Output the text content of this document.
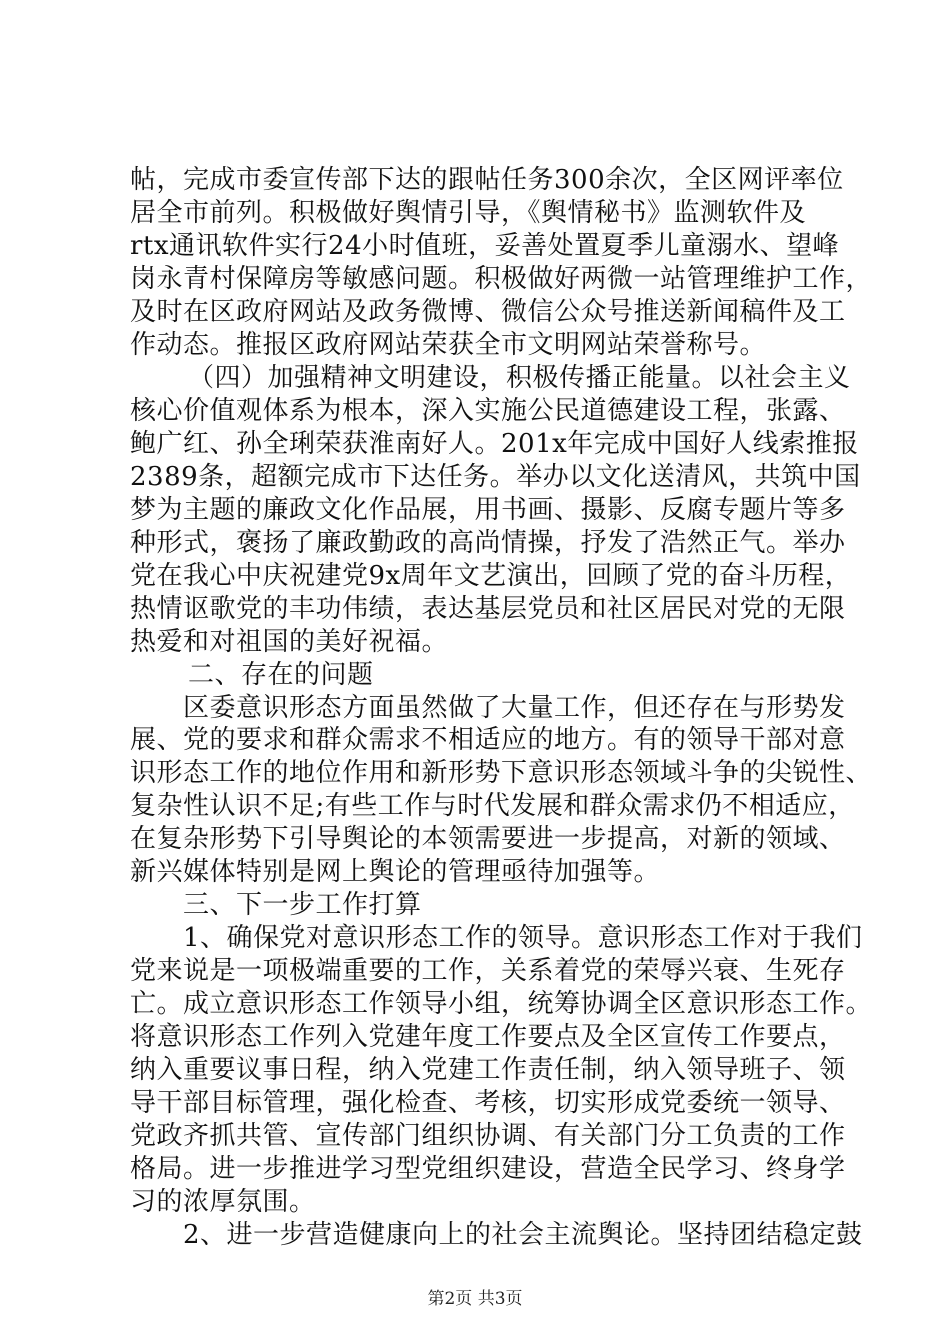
帖，完成市委宣传部下达的跟帖任务300余次，全区网评率位
居全市前列。积极做好舆情引导，《舆情秘书》监测软件及
rtx通讯软件实行24小时值班，妥善处置夏季儿童溺水、望峰
岗永青村保障房等敏感问题。积极做好两微一站管理维护工作，
及时在区政府网站及政务微博、微信公众号推送新闻稿件及工
作动态。推报区政府网站荣获全市文明网站荣誉称号。
（四）加强精神文明建设，积极传播正能量。以社会主义
核心价值观体系为根本，深入实施公民道德建设工程，张露、
鲍广红、孙全琍荣获淮南好人。201x年完成中国好人线索推报
2389条，超额完成市下达任务。举办以文化送清风，共筑中国
梦为主题的廉政文化作品展，用书画、摄影、反腐专题片等多
种形式，褒扬了廉政勤政的高尚情操，抒发了浩然正气。举办
党在我心中庆祝建党9x周年文艺演出，回顾了党的奋斗历程，
热情讴歌党的丰功伟绩，表达基层党员和社区居民对党的无限
热爱和对祖国的美好祝福。
二、存在的问题
区委意识形态方面虽然做了大量工作，但还存在与形势发
展、党的要求和群众需求不相适应的地方。有的领导干部对意
识形态工作的地位作用和新形势下意识形态领域斗争的尖锐性、
复杂性认识不足;有些工作与时代发展和群众需求仍不相适应，
在复杂形势下引导舆论的本领需要进一步提高，对新的领域、
新兴媒体特别是网上舆论的管理亟待加强等。
三、下一步工作打算
1、确保党对意识形态工作的领导。意识形态工作对于我们
党来说是一项极端重要的工作，关系着党的荣辱兴衰、生死存
亡。成立意识形态工作领导小组，统筹协调全区意识形态工作。
将意识形态工作列入党建年度工作要点及全区宣传工作要点，
纳入重要议事日程，纳入党建工作责任制，纳入领导班子、领
导干部目标管理，强化检查、考核，切实形成党委统一领导、
党政齐抓共管、宣传部门组织协调、有关部门分工负责的工作
格局。进一步推进学习型党组织建设，营造全民学习、终身学
习的浓厚氛围。
2、进一步营造健康向上的社会主流舆论。坚持团结稳定鼓
第2页 共3页
